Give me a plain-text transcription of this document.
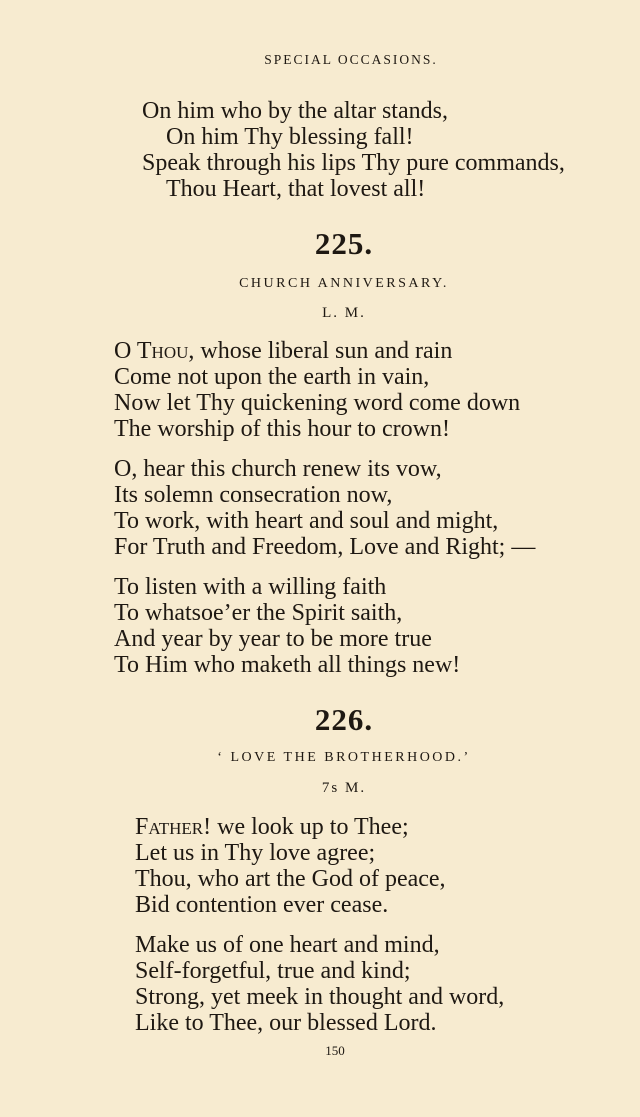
SPECIAL OCCASIONS.
On him who by the altar stands,
On him Thy blessing fall!
Speak through his lips Thy pure commands,
Thou Heart, that lovest all!
225.
CHURCH ANNIVERSARY.
L. M.
O Thou, whose liberal sun and rain
Come not upon the earth in vain,
Now let Thy quickening word come down
The worship of this hour to crown!
O, hear this church renew its vow,
Its solemn consecration now,
To work, with heart and soul and might,
For Truth and Freedom, Love and Right; —
To listen with a willing faith
To whatsoe’er the Spirit saith,
And year by year to be more true
To Him who maketh all things new!
226.
‘ LOVE THE BROTHERHOOD.’
7s M.
Father! we look up to Thee;
Let us in Thy love agree;
Thou, who art the God of peace,
Bid contention ever cease.
Make us of one heart and mind,
Self-forgetful, true and kind;
Strong, yet meek in thought and word,
Like to Thee, our blessed Lord.
150
